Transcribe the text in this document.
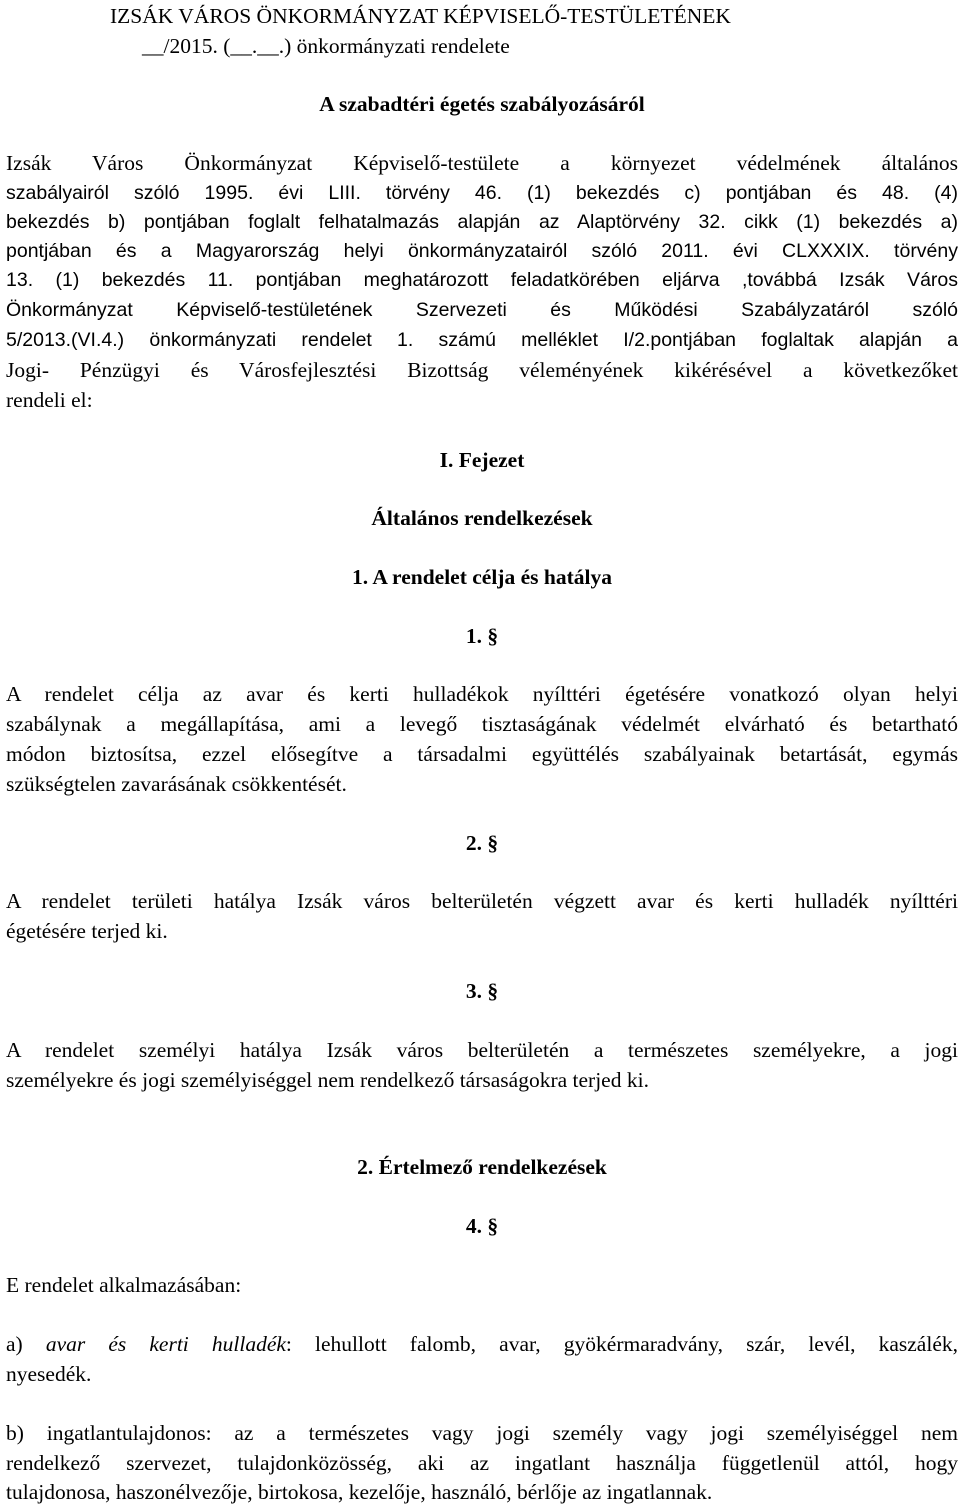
IZSÁK VÁROS ÖNKORMÁNYZAT KÉPVISELŐ-TESTÜLETÉNEK
__/2015. (__.__.) önkormányzati rendelete
A szabadtéri égetés szabályozásáról
Izsák Város Önkormányzat Képviselő-testülete a környezet védelmének általános
szabályairól szóló 1995. évi LIII. törvény 46. (1) bekezdés c) pontjában és 48. (4)
bekezdés b) pontjában foglalt felhatalmazás alapján az Alaptörvény 32. cikk (1) bekezdés a)
pontjában és a Magyarország helyi önkormányzatairól szóló 2011. évi CLXXXIX. törvény
13. (1) bekezdés 11. pontjában meghatározott feladatkörében eljárva ,továbbá Izsák Város
Önkormányzat Képviselő-testületének Szervezeti és Működési Szabályzatáról szóló
5/2013.(VI.4.) önkormányzati rendelet 1. számú melléklet I/2.pontjában foglaltak alapján a
Jogi- Pénzügyi és Városfejlesztési Bizottság véleményének kikérésével a következőket
rendeli el:
I. Fejezet
Általános rendelkezések
1. A rendelet célja és hatálya
1. §
A rendelet célja az avar és kerti hulladékok nyílttéri égetésére vonatkozó olyan helyi
szabálynak a megállapítása, ami a levegő tisztaságának védelmét elvárható és betartható
módon biztosítsa, ezzel elősegítve a társadalmi együttélés szabályainak betartását, egymás
szükségtelen zavarásának csökkentését.
2. §
A rendelet területi hatálya Izsák város belterületén végzett avar és kerti hulladék nyílttéri
égetésére terjed ki.
3. §
A rendelet személyi hatálya Izsák város belterületén a természetes személyekre, a jogi
személyekre és jogi személyiséggel nem rendelkező társaságokra terjed ki.
2. Értelmező rendelkezések
4. §
E rendelet alkalmazásában:
a) avar és kerti hulladék: lehullott falomb, avar, gyökérmaradvány, szár, levél, kaszálék,
nyesedék.
b) ingatlantulajdonos: az a természetes vagy jogi személy vagy jogi személyiséggel nem
rendelkező szervezet, tulajdonközösség, aki az ingatlant használja függetlenül attól, hogy
tulajdonosa, haszonélvezője, birtokosa, kezelője, használó, bérlője az ingatlannak.
